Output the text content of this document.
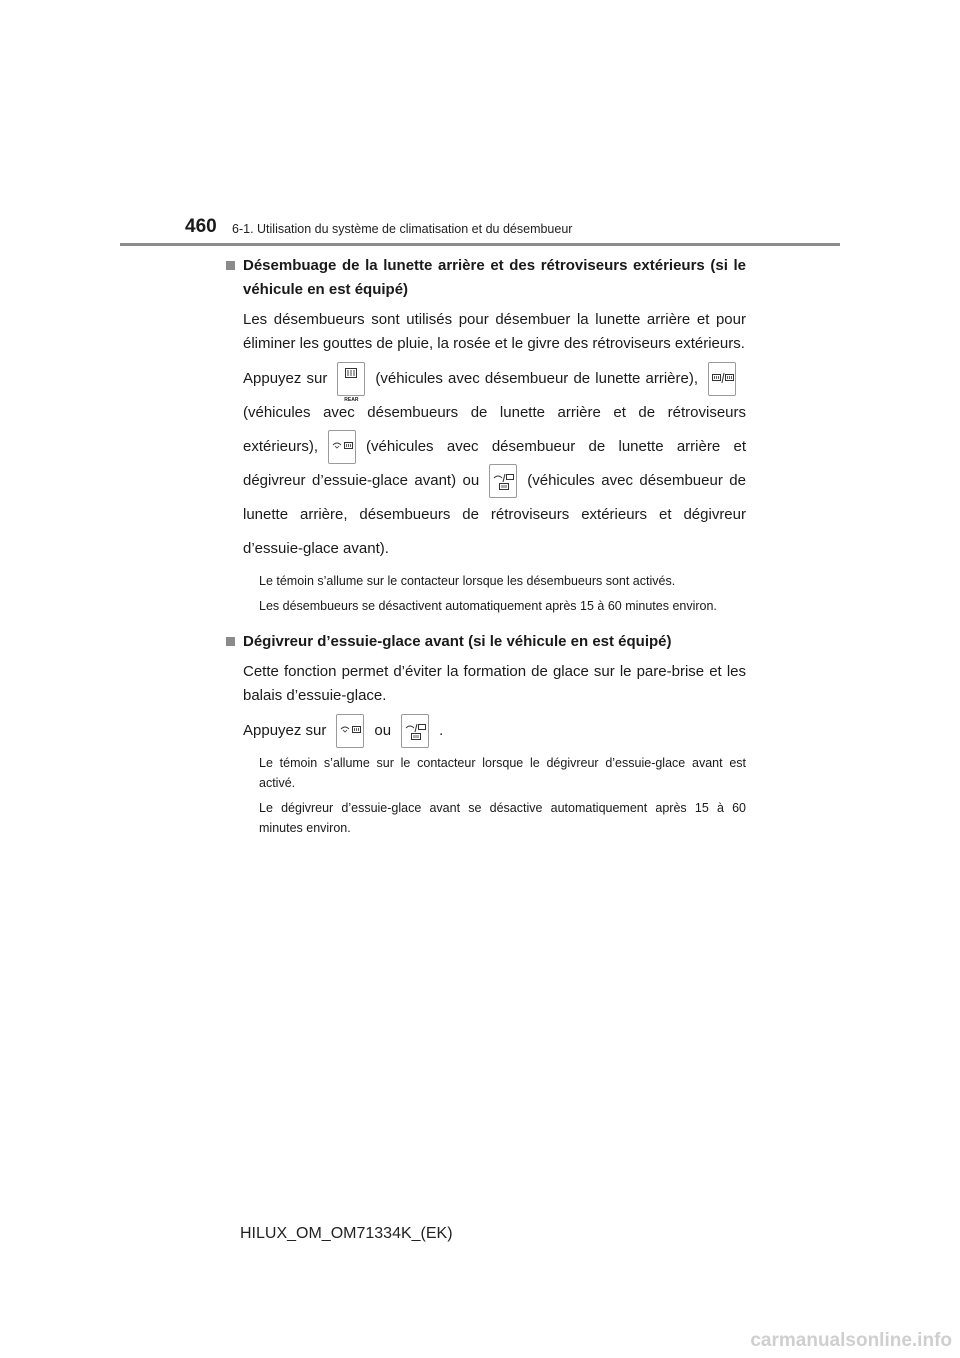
460 6-1. Utilisation du système de climatisation et du désembueur
Désembuage de la lunette arrière et des rétroviseurs extérieurs (si le véhicule en est équipé)
Les désembueurs sont utilisés pour désembuer la lunette arrière et pour éliminer les gouttes de pluie, la rosée et le givre des rétroviseurs extérieurs.
Appuyez sur
REAR
(véhicules avec désembueur de lunette arrière),
(véhicules avec désembueurs de lunette arrière et de rétroviseurs extérieurs),	(véhicules avec désembueur de lunette arrière et dégivreur d’essuie-glace avant) ou	(véhicules avec désembueur de lunette arrière, désembueurs de rétroviseurs extérieurs et dégivreur d’essuie-glace avant).
Le témoin s’allume sur le contacteur lorsque les désembueurs sont activés.
Les désembueurs se désactivent automatiquement après 15 à 60 minutes environ.
Dégivreur d’essuie-glace avant (si le véhicule en est équipé)
Cette fonction permet d’éviter la formation de glace sur le pare-brise et les balais d’essuie-glace.
Appuyez sur	ou	.
Le témoin s’allume sur le contacteur lorsque le dégivreur d’essuie-glace avant est activé.
Le dégivreur d’essuie-glace avant se désactive automatiquement après 15 à 60 minutes environ.
HILUX_OM_OM71334K_(EK)
carmanualsonline.info
